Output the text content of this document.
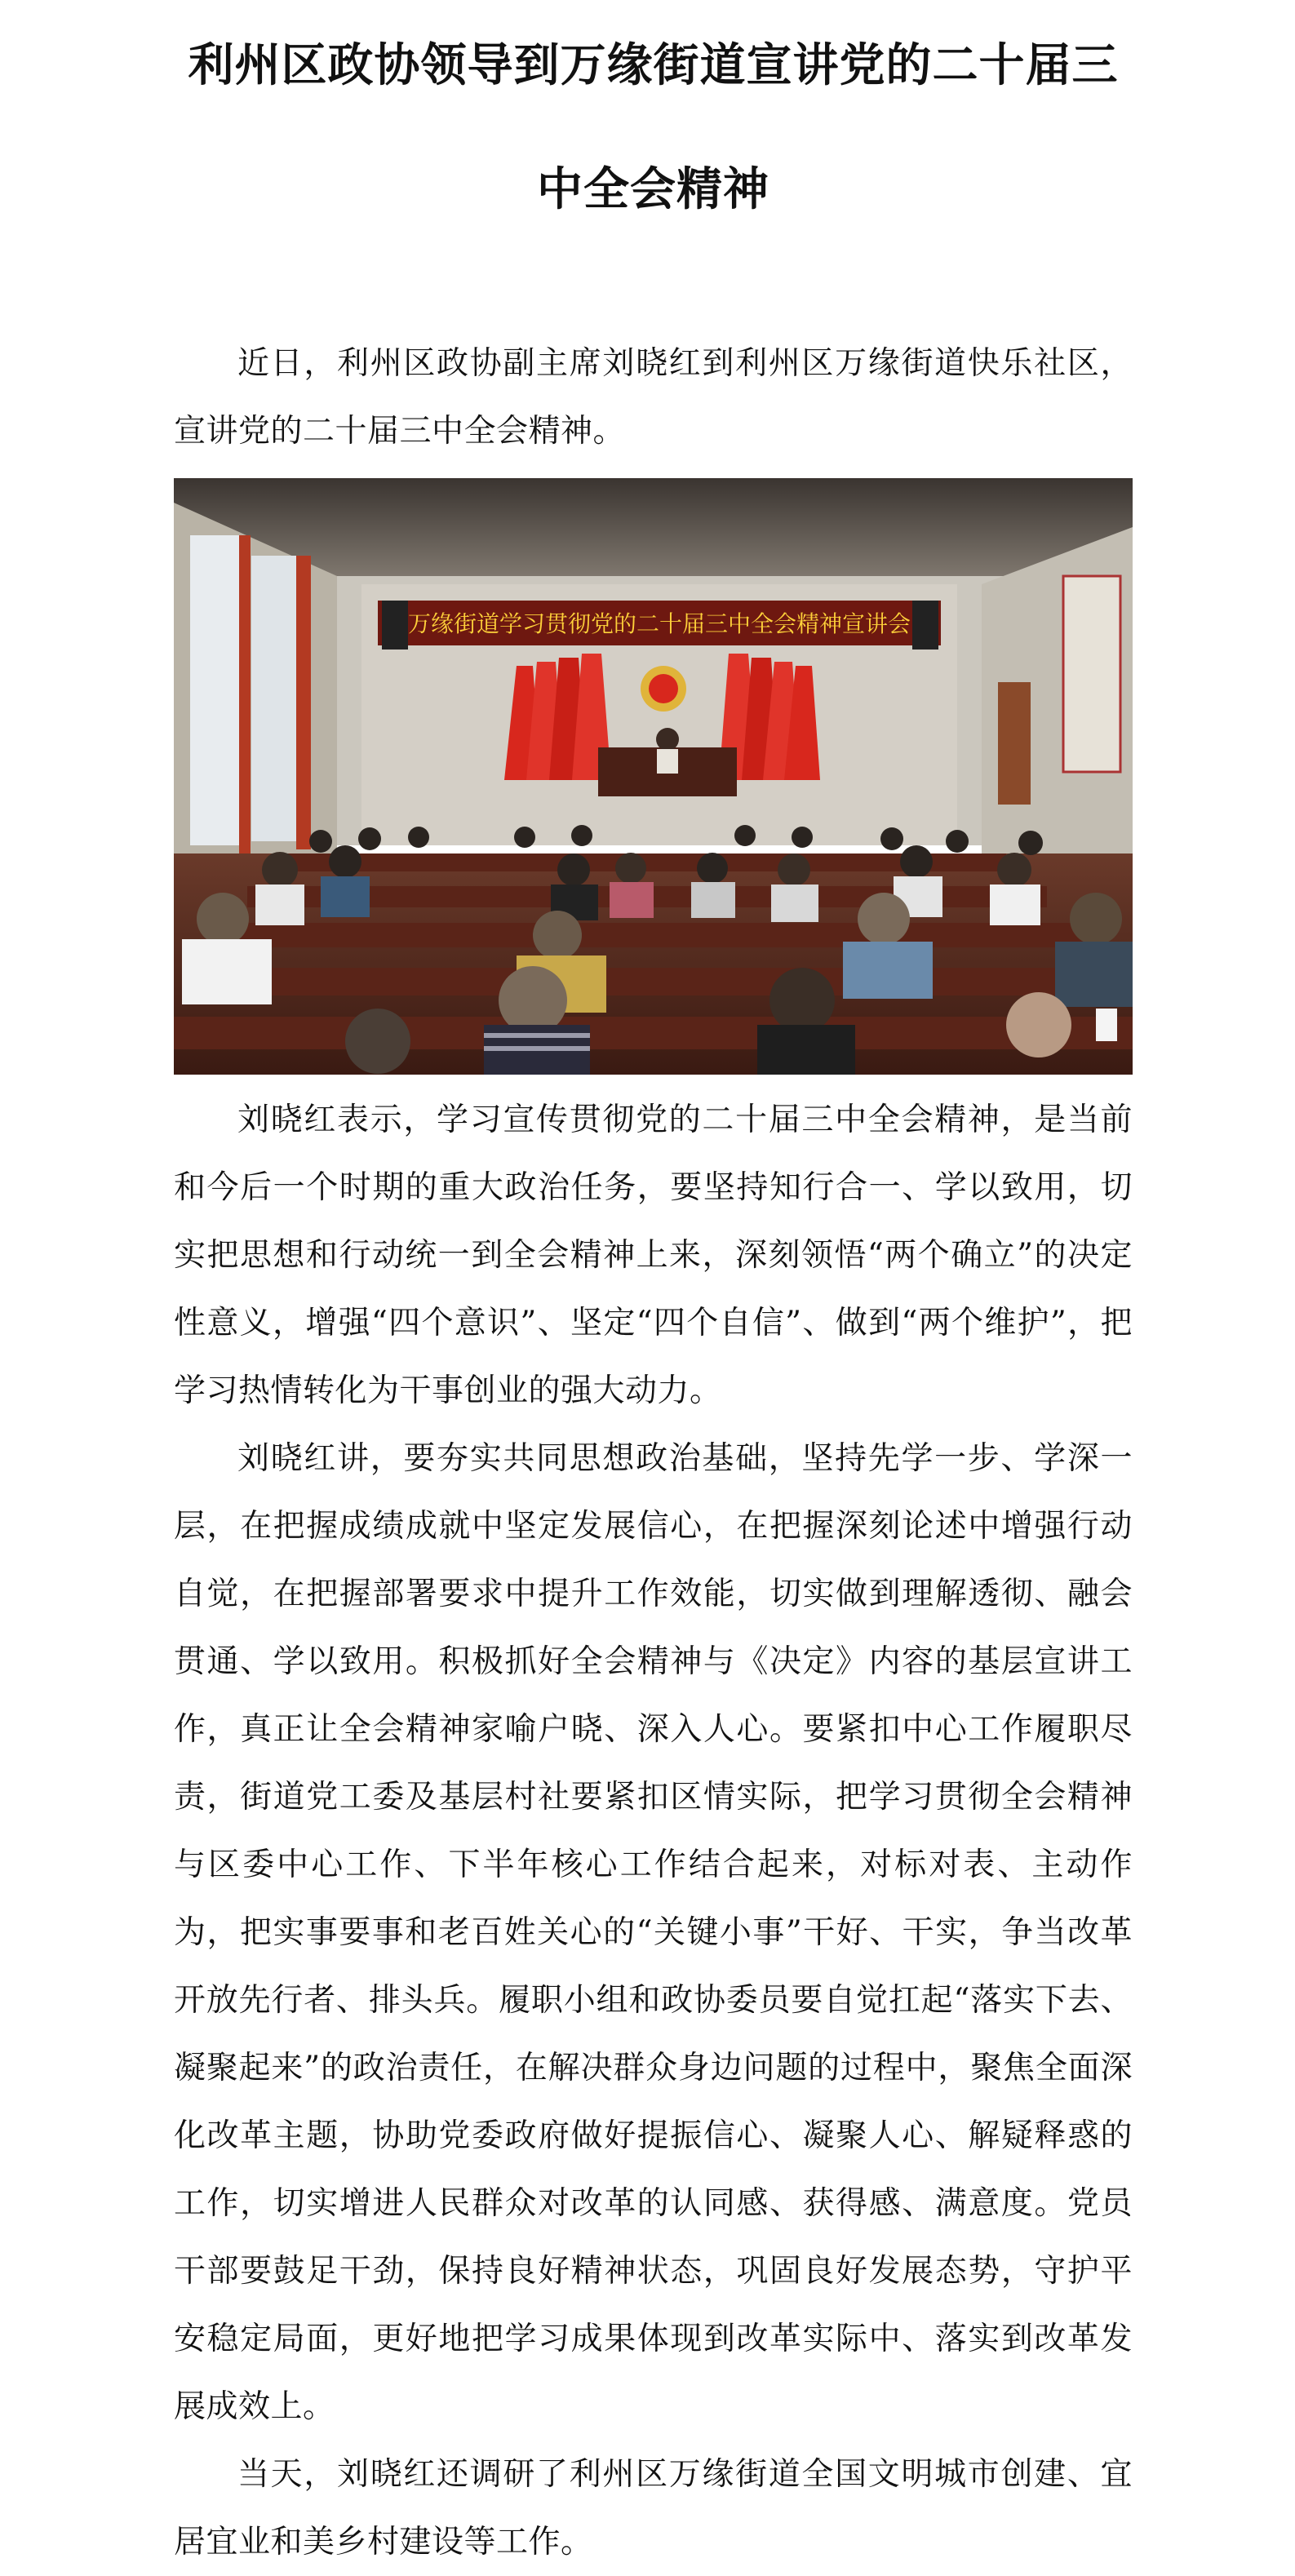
利州区政协领导到万缘街道宣讲党的二十届三中全会精神

近日，利州区政协副主席刘晓红到利州区万缘街道快乐社区，宣讲党的二十届三中全会精神。

万缘街道学习贯彻党的二十届三中全会精神宣讲会

刘晓红表示，学习宣传贯彻党的二十届三中全会精神，是当前和今后一个时期的重大政治任务，要坚持知行合一、学以致用，切实把思想和行动统一到全会精神上来，深刻领悟“两个确立”的决定性意义，增强“四个意识”、坚定“四个自信”、做到“两个维护”，把学习热情转化为干事创业的强大动力。

刘晓红讲，要夯实共同思想政治基础，坚持先学一步、学深一层，在把握成绩成就中坚定发展信心，在把握深刻论述中增强行动自觉，在把握部署要求中提升工作效能，切实做到理解透彻、融会贯通、学以致用。积极抓好全会精神与《决定》内容的基层宣讲工作，真正让全会精神家喻户晓、深入人心。要紧扣中心工作履职尽责，街道党工委及基层村社要紧扣区情实际，把学习贯彻全会精神与区委中心工作、下半年核心工作结合起来，对标对表、主动作为，把实事要事和老百姓关心的“关键小事”干好、干实，争当改革开放先行者、排头兵。履职小组和政协委员要自觉扛起“落实下去、凝聚起来”的政治责任，在解决群众身边问题的过程中，聚焦全面深化改革主题，协助党委政府做好提振信心、凝聚人心、解疑释惑的工作，切实增进人民群众对改革的认同感、获得感、满意度。党员干部要鼓足干劲，保持良好精神状态，巩固良好发展态势，守护平安稳定局面，更好地把学习成果体现到改革实际中、落实到改革发展成效上。

当天，刘晓红还调研了利州区万缘街道全国文明城市创建、宜居宜业和美乡村建设等工作。
